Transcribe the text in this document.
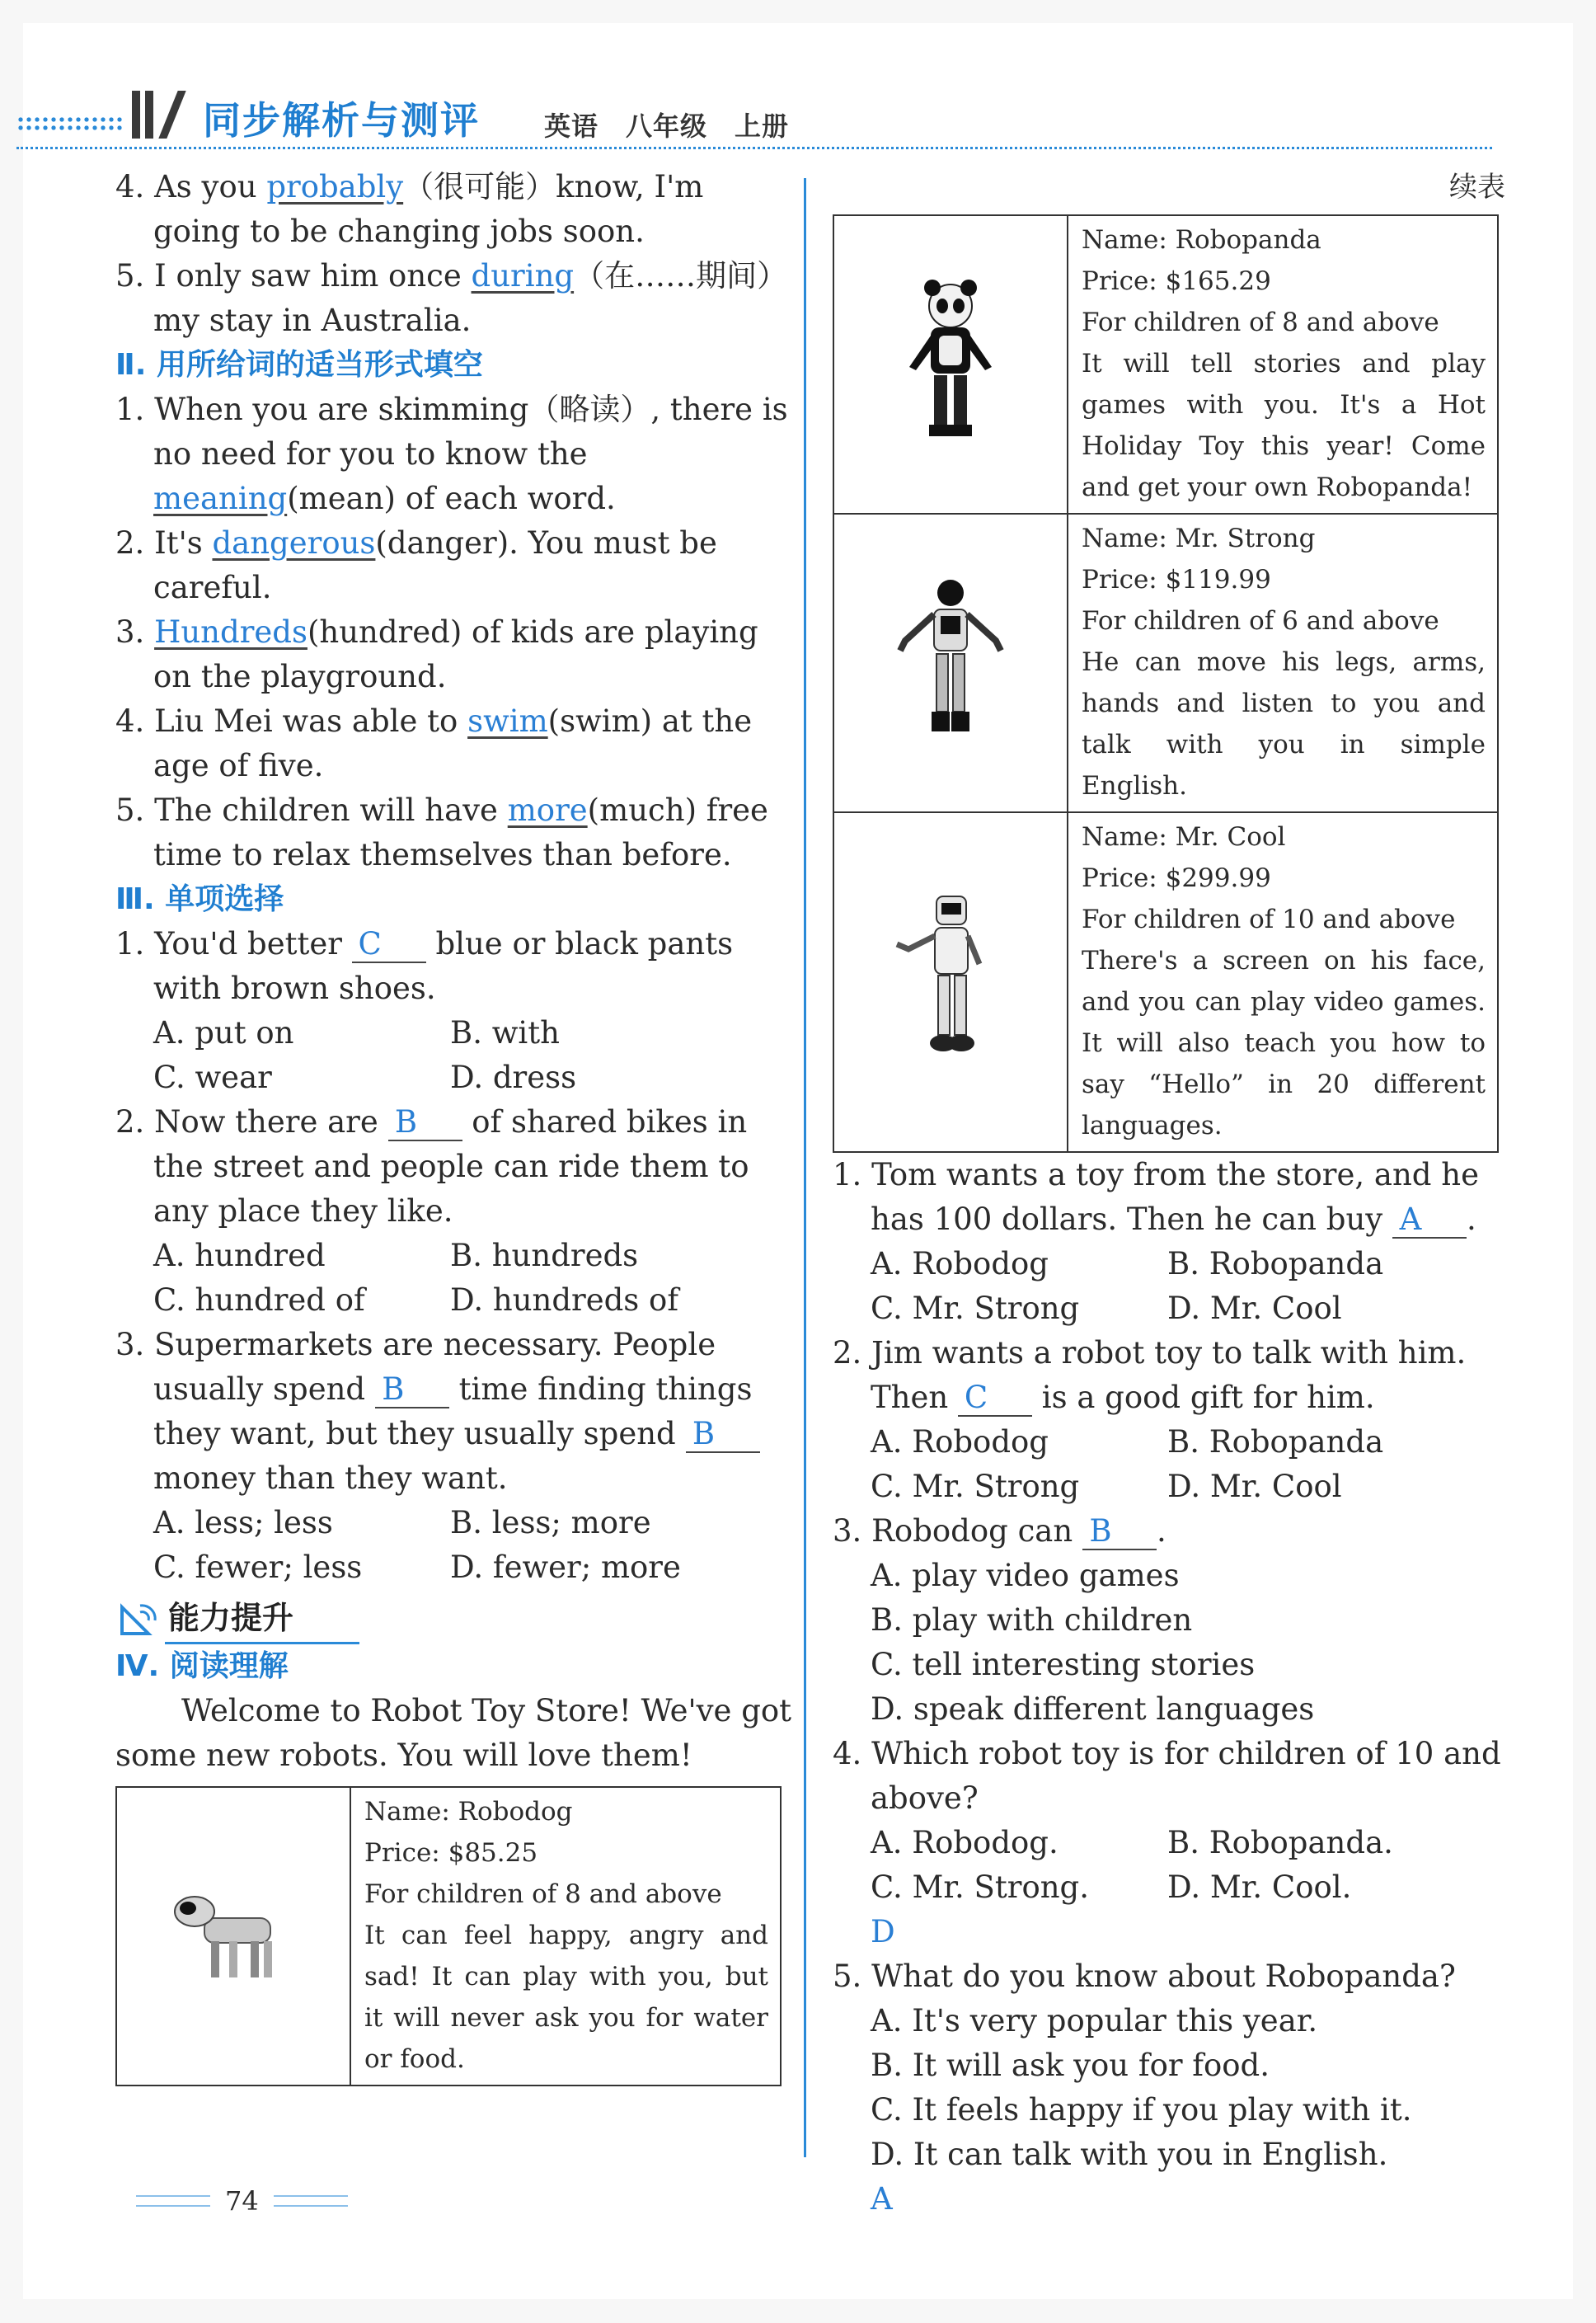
同步解析与测评 英语　八年级　上册

4. As you probably（很可能）know, I'm going to be changing jobs soon.

5. I only saw him once during（在……期间）my stay in Australia.

Ⅱ. 用所给词的适当形式填空

1. When you are skimming（略读）, there is no need for you to know the meaning(mean) of each word.

2. It's dangerous(danger). You must be careful.

3. Hundreds(hundred) of kids are playing on the playground.

4. Liu Mei was able to swim(swim) at the age of five.

5. The children will have more(much) free time to relax themselves than before.

Ⅲ. 单项选择

1. You'd better C blue or black pants with brown shoes.

A. put on	B. with
C. wear	D. dress

2. Now there are B of shared bikes in the street and people can ride them to any place they like.

A. hundred	B. hundreds
C. hundred of	D. hundreds of

3. Supermarkets are necessary. People usually spend B time finding things they want, but they usually spend B money than they want.

A. less; less	B. less; more
C. fewer; less	D. fewer; more
能力提升

Ⅳ. 阅读理解

Welcome to Robot Toy Store! We've got some new robots. You will love them!

Name: Robodog
Price: $85.25
For children of 8 and above
It can feel happy, angry and sad! It can play with you, but it will never ask you for water or food.

续表

Name: Robopanda
Price: $165.29
For children of 8 and above
It will tell stories and play games with you. It's a Hot Holiday Toy this year! Come and get your own Robopanda!

Name: Mr. Strong
Price: $119.99
For children of 6 and above
He can move his legs, arms, hands and listen to you and talk with you in simple English.

Name: Mr. Cool
Price: $299.99
For children of 10 and above
There's a screen on his face, and you can play video games. It will also teach you how to say “Hello” in 20 different languages.

1. Tom wants a toy from the store, and he has 100 dollars. Then he can buy A .

A. Robodog	B. Robopanda
C. Mr. Strong	D. Mr. Cool

2. Jim wants a robot toy to talk with him. Then C is a good gift for him.

A. Robodog	B. Robopanda
C. Mr. Strong	D. Mr. Cool

3. Robodog can B .

A. play video games
B. play with children
C. tell interesting stories
D. speak different languages

4. Which robot toy is for children of 10 and above?

A. Robodog.	B. Robopanda.
C. Mr. Strong.	D. Mr. Cool.
D

5. What do you know about Robopanda?

A. It's very popular this year.
B. It will ask you for food.
C. It feels happy if you play with it.
D. It can talk with you in English.
A
74
